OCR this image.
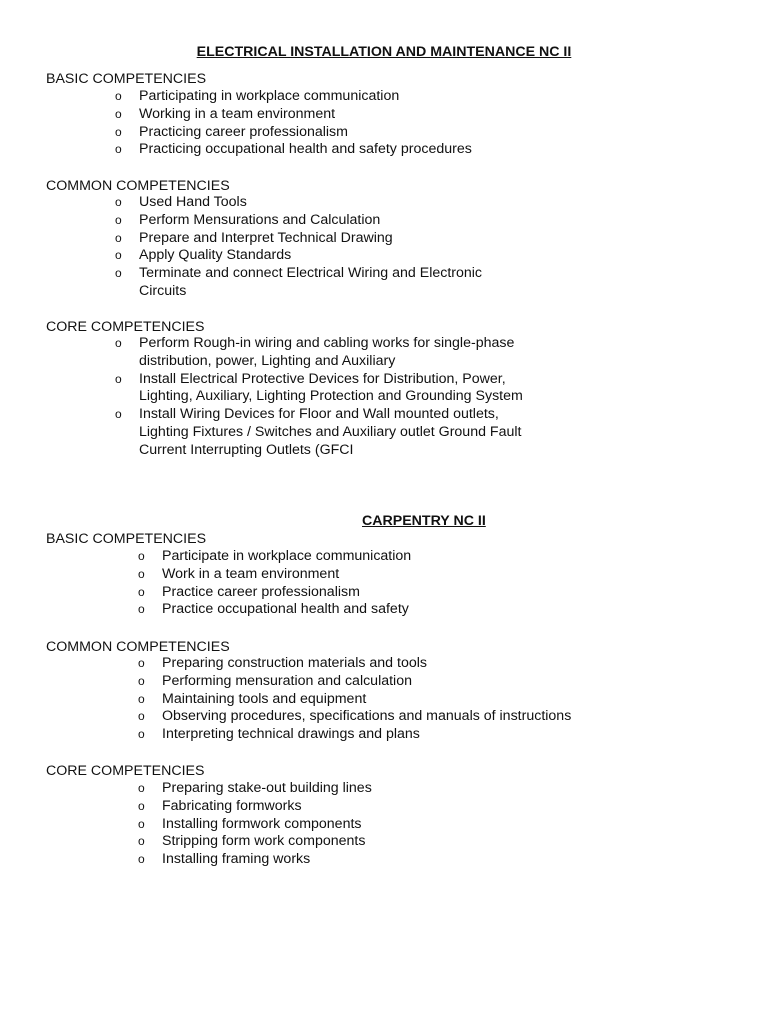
ELECTRICAL INSTALLATION AND MAINTENANCE NC II
BASIC COMPETENCIES
o Participating in workplace communication
o Working in a team environment
o Practicing career professionalism
o Practicing occupational health and safety procedures
COMMON COMPETENCIES
o Used Hand Tools
o Perform Mensurations and Calculation
o Prepare and Interpret Technical Drawing
o Apply Quality Standards
o Terminate and connect Electrical Wiring and Electronic
Circuits
CORE COMPETENCIES
o Perform Rough-in wiring and cabling works for single-phase
distribution, power, Lighting and Auxiliary
o Install Electrical Protective Devices for Distribution, Power,
Lighting, Auxiliary, Lighting Protection and Grounding System
o Install Wiring Devices for Floor and Wall mounted outlets,
Lighting Fixtures / Switches and Auxiliary outlet Ground Fault
Current Interrupting Outlets (GFCI
CARPENTRY NC II
BASIC COMPETENCIES
o Participate in workplace communication
o Work in a team environment
o Practice career professionalism
o Practice occupational health and safety
COMMON COMPETENCIES
o Preparing construction materials and tools
o Performing mensuration and calculation
o Maintaining tools and equipment
o Observing procedures, specifications and manuals of instructions
o Interpreting technical drawings and plans
CORE COMPETENCIES
o Preparing stake-out building lines
o Fabricating formworks
o Installing formwork components
o Stripping form work components
o Installing framing works
